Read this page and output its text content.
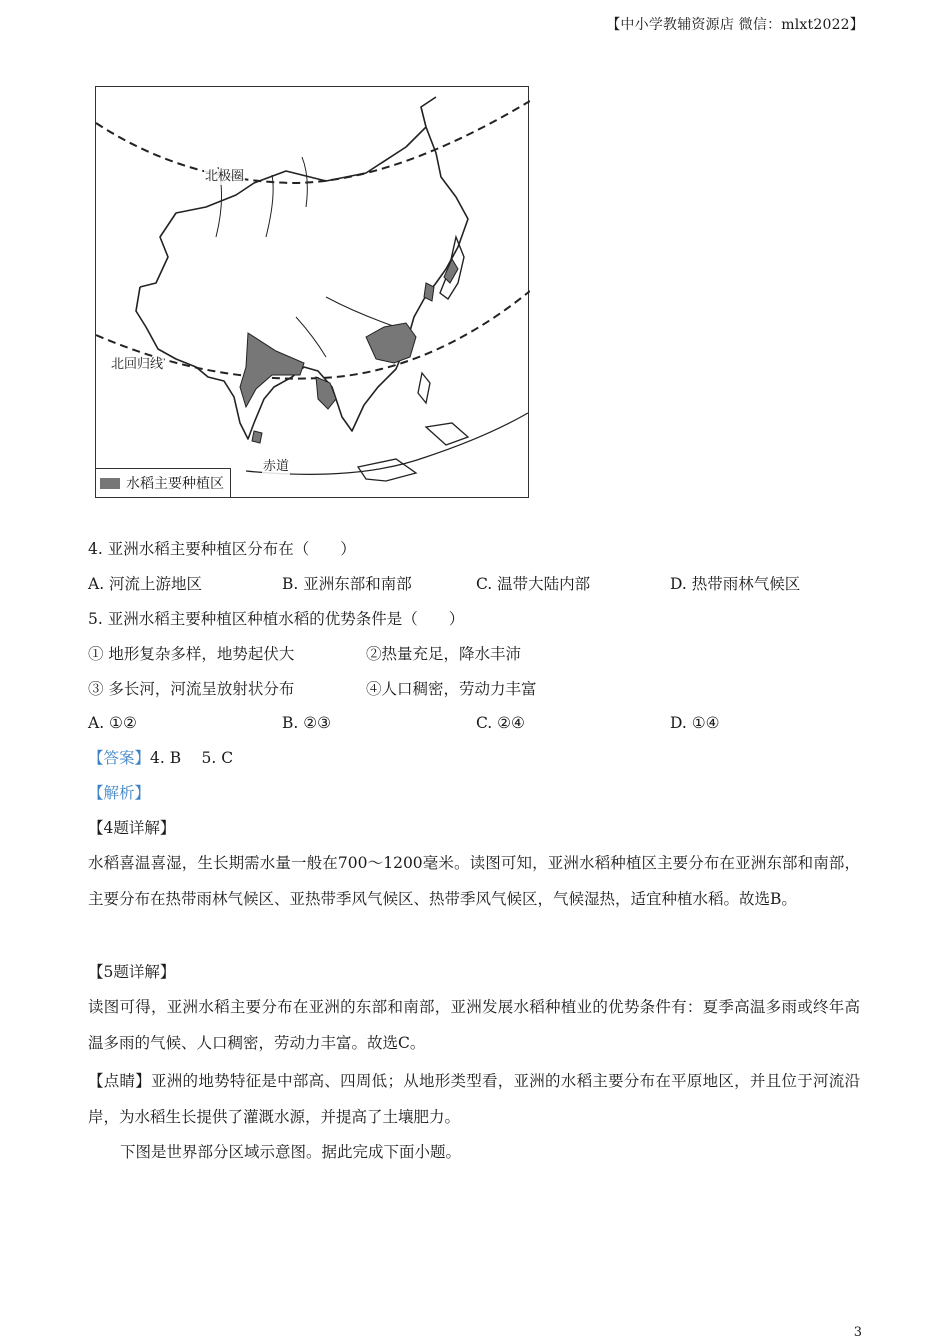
【中小学教辅资源店 微信：mlxt2022】
北极圈
北回归线
赤道
水稻主要种植区
4. 亚洲水稻主要种植区分布在（　　）
A. 河流上游地区	B. 亚洲东部和南部	C. 温带大陆内部	D. 热带雨林气候区
5. 亚洲水稻主要种植区种植水稻的优势条件是（　　）
① 地形复杂多样，地势起伏大	②热量充足，降水丰沛
③ 多长河，河流呈放射状分布	④人口稠密，劳动力丰富
A. ①②	B. ②③	C. ②④	D. ①④
【答案】4. B　 5. C
【解析】
【4题详解】
水稻喜温喜湿，生长期需水量一般在700～1200毫米。读图可知，亚洲水稻种植区主要分布在亚洲东部和南部，主要分布在热带雨林气候区、亚热带季风气候区、热带季风气候区，气候湿热，适宜种植水稻。故选B。
【5题详解】
读图可得，亚洲水稻主要分布在亚洲的东部和南部，亚洲发展水稻种植业的优势条件有：夏季高温多雨或终年高温多雨的气候、人口稠密，劳动力丰富。故选C。
【点睛】亚洲的地势特征是中部高、四周低；从地形类型看，亚洲的水稻主要分布在平原地区，并且位于河流沿岸，为水稻生长提供了灌溉水源，并提高了土壤肥力。
下图是世界部分区域示意图。据此完成下面小题。
3
